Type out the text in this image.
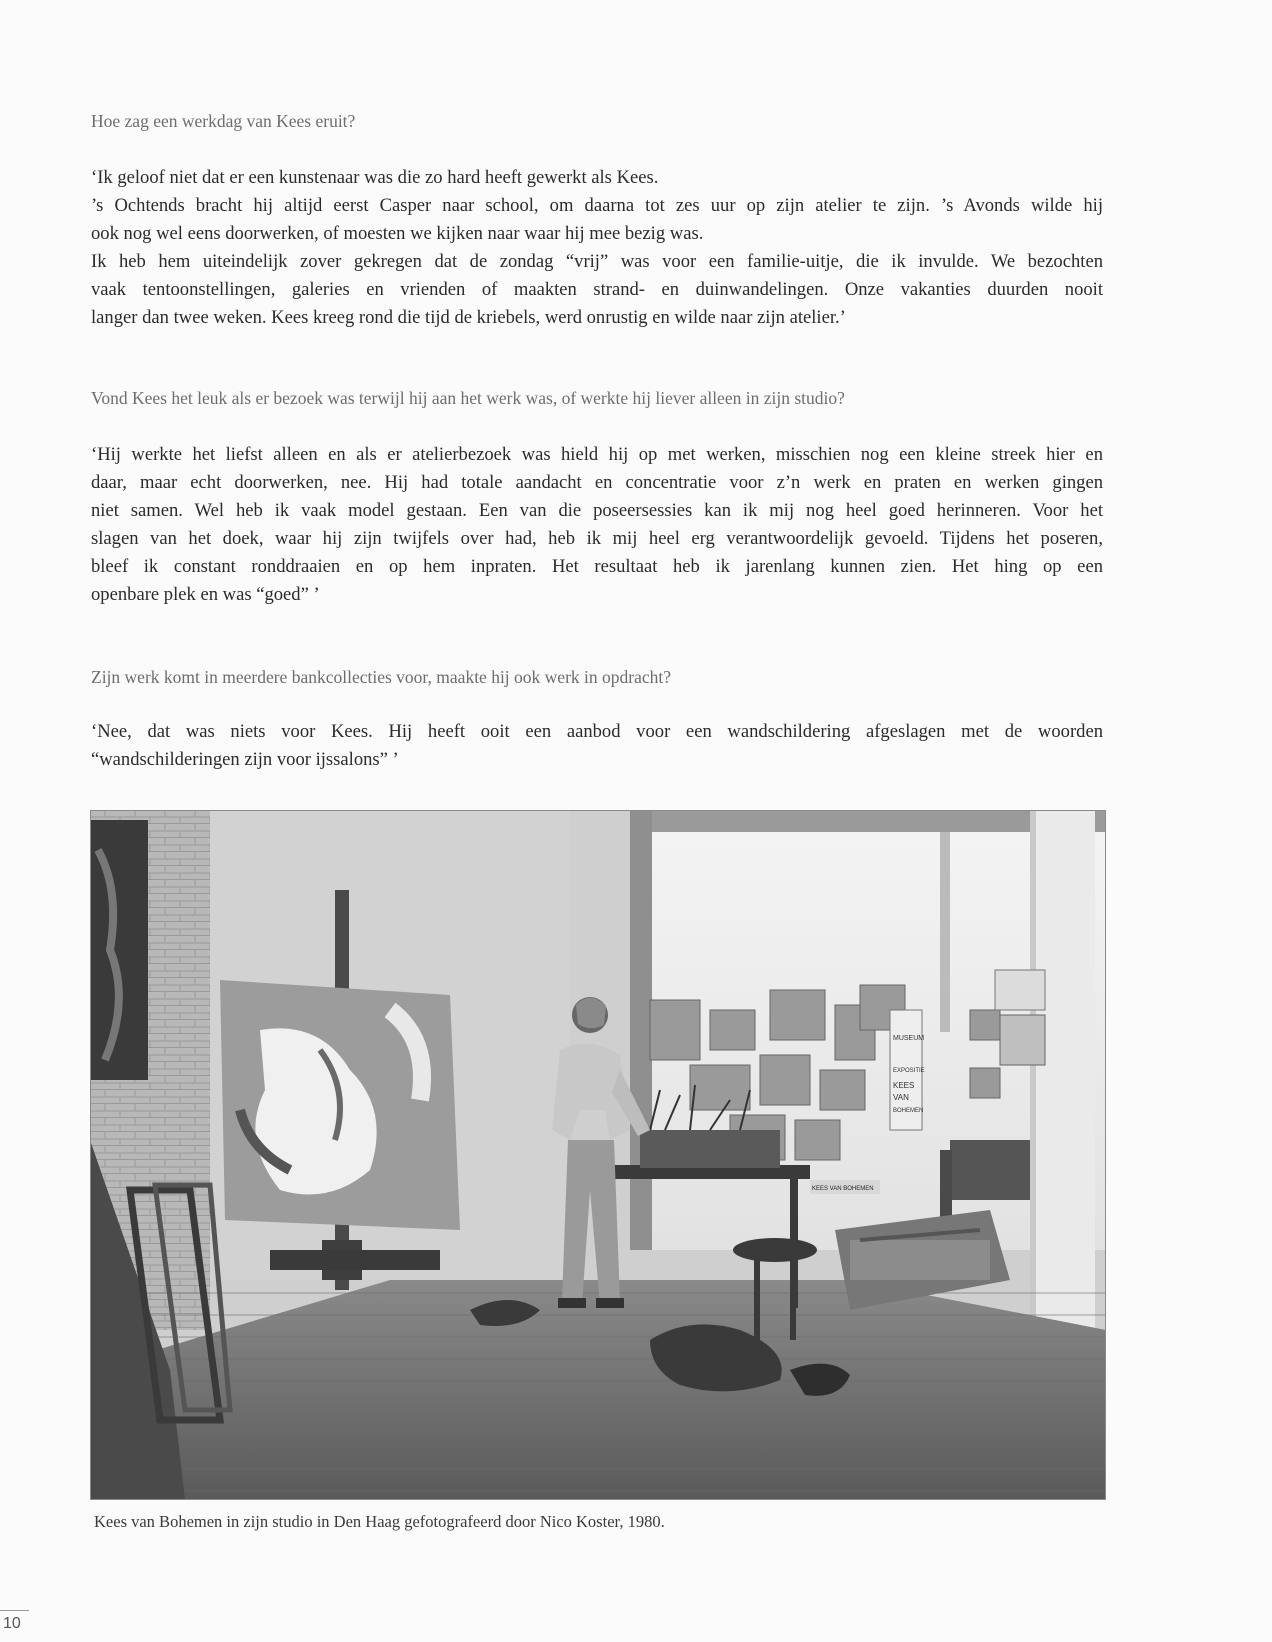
Hoe zag een werkdag van Kees eruit?

‘Ik geloof niet dat er een kunstenaar was die zo hard heeft gewerkt als Kees.
’s Ochtends bracht hij altijd eerst Casper naar school, om daarna tot zes uur op zijn atelier te zijn. ’s Avonds wilde hij
ook nog wel eens doorwerken, of moesten we kijken naar waar hij mee bezig was.
Ik heb hem uiteindelijk zover gekregen dat de zondag “vrij” was voor een familie-uitje, die ik invulde. We bezochten
vaak tentoonstellingen, galeries en vrienden of maakten strand- en duinwandelingen. Onze vakanties duurden nooit
langer dan twee weken. Kees kreeg rond die tijd de kriebels, werd onrustig en wilde naar zijn atelier.’

Vond Kees het leuk als er bezoek was terwijl hij aan het werk was, of werkte hij liever alleen in zijn studio?

‘Hij werkte het liefst alleen en als er atelierbezoek was hield hij op met werken, misschien nog een kleine streek hier en
daar, maar echt doorwerken, nee. Hij had totale aandacht en concentratie voor z’n werk en praten en werken gingen
niet samen. Wel heb ik vaak model gestaan. Een van die poseersessies kan ik mij nog heel goed herinneren. Voor het
slagen van het doek, waar hij zijn twijfels over had, heb ik mij heel erg verantwoordelijk gevoeld. Tijdens het poseren,
bleef ik constant ronddraaien en op hem inpraten. Het resultaat heb ik jarenlang kunnen zien. Het hing op een
openbare plek en was “goed” ’

Zijn werk komt in meerdere bankcollecties voor, maakte hij ook werk in opdracht?

‘Nee, dat was niets voor Kees. Hij heeft ooit een aanbod voor een wandschildering afgeslagen met de woorden
“wandschilderingen zijn voor ijssalons” ’
MUSEUM
EXPOSITIE
KEES
VAN
BOHEMEN
KEES VAN BOHEMEN
Kees van Bohemen in zijn studio in Den Haag gefotografeerd door Nico Koster, 1980.
10
